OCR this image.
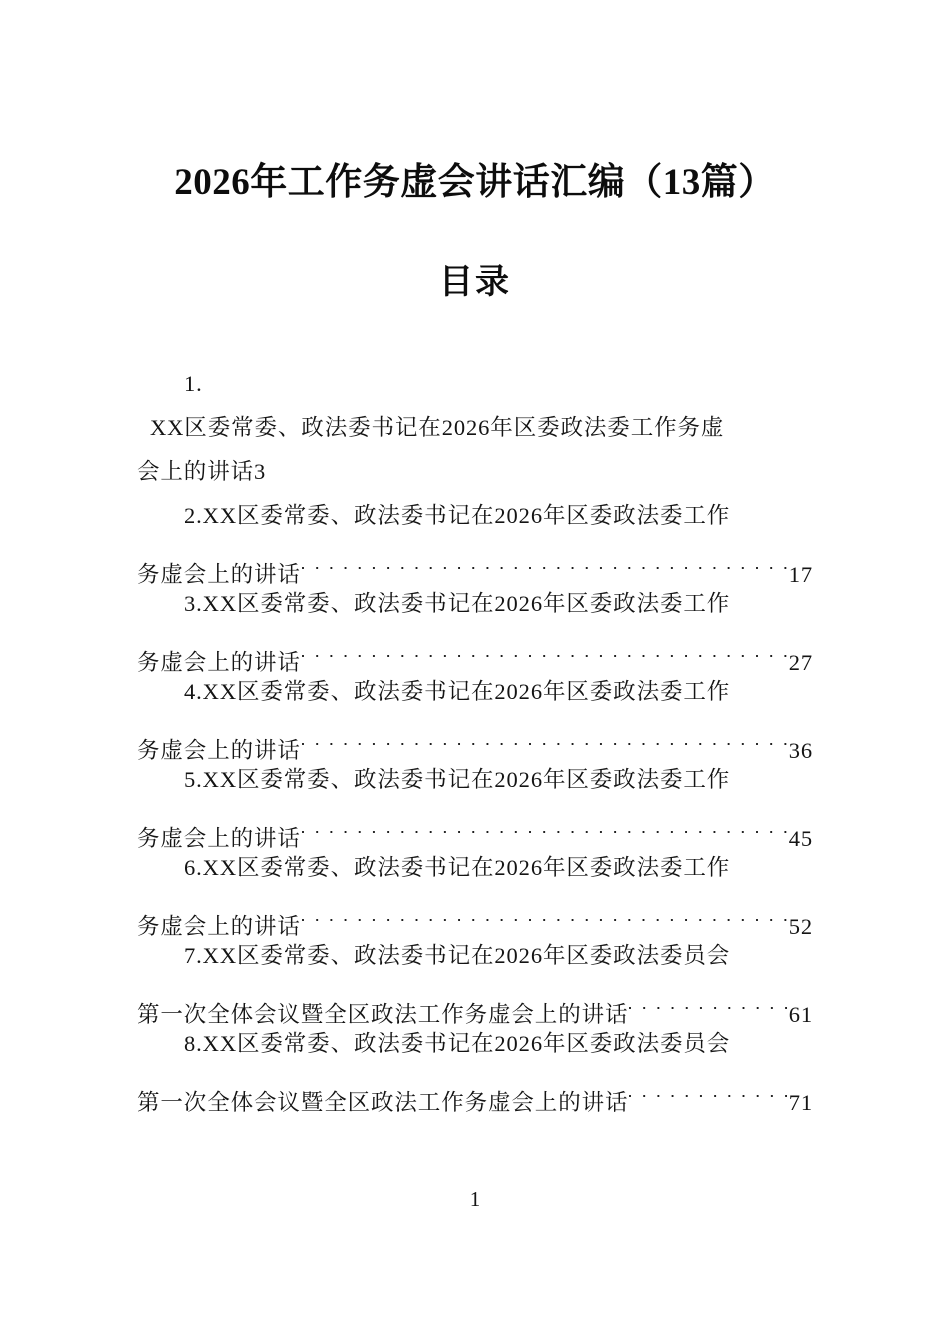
2026年工作务虚会讲话汇编（13篇）
目录
1.
XX区委常委、政法委书记在2026年区委政法委工作务虚
会上的讲话3
2.XX区委常委、政法委书记在2026年区委政法委工作
务虚会上的讲话	17
3.XX区委常委、政法委书记在2026年区委政法委工作
务虚会上的讲话	27
4.XX区委常委、政法委书记在2026年区委政法委工作
务虚会上的讲话	36
5.XX区委常委、政法委书记在2026年区委政法委工作
务虚会上的讲话	45
6.XX区委常委、政法委书记在2026年区委政法委工作
务虚会上的讲话	52
7.XX区委常委、政法委书记在2026年区委政法委员会
第一次全体会议暨全区政法工作务虚会上的讲话	61
8.XX区委常委、政法委书记在2026年区委政法委员会
第一次全体会议暨全区政法工作务虚会上的讲话	71
1
